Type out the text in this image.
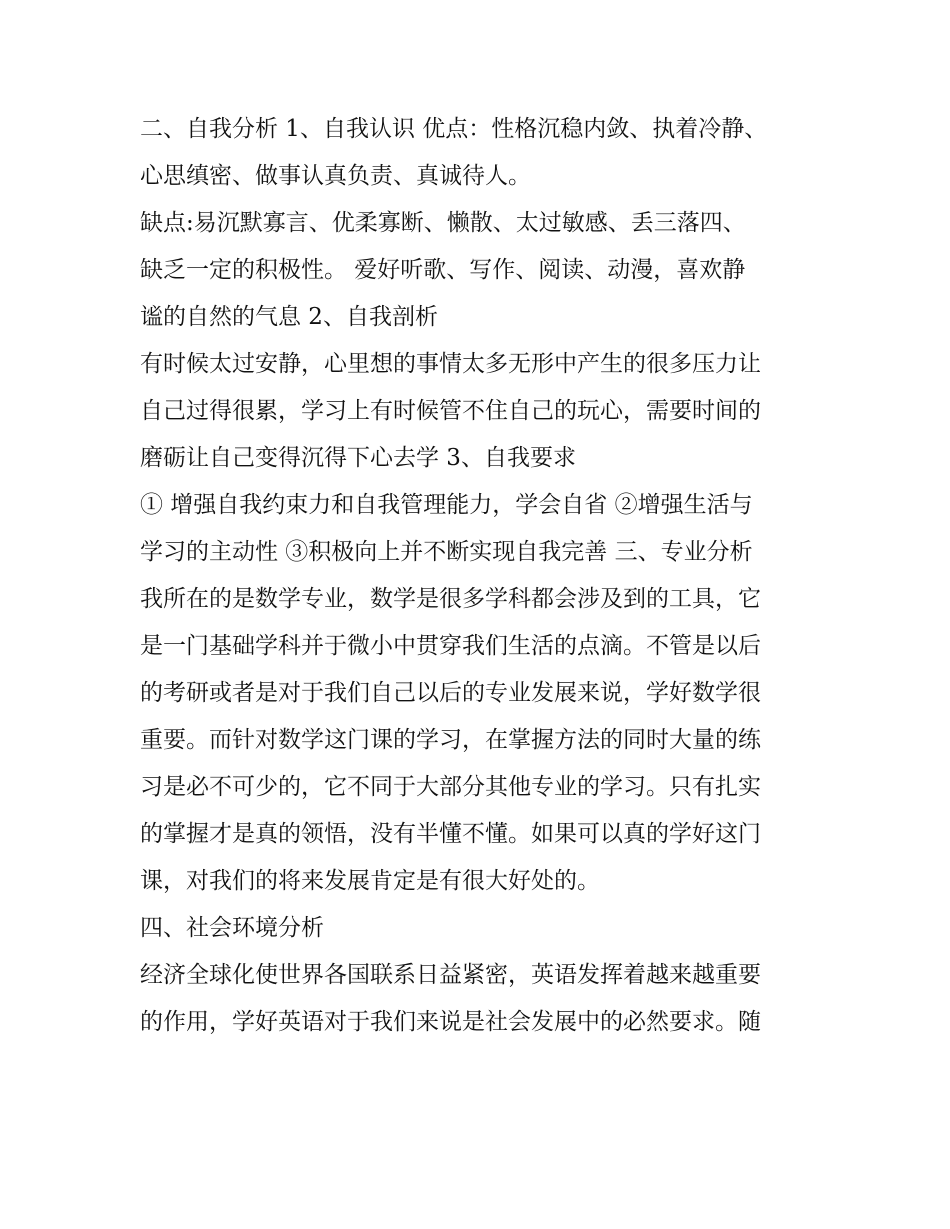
二、自我分析 1、自我认识 优点：性格沉稳内敛、执着冷静、
心思缜密、做事认真负责、真诚待人。
缺点:易沉默寡言、优柔寡断、懒散、太过敏感、丢三落四、
缺乏一定的积极性。 爱好听歌、写作、阅读、动漫，喜欢静
谧的自然的气息 2、自我剖析
有时候太过安静，心里想的事情太多无形中产生的很多压力让
自己过得很累，学习上有时候管不住自己的玩心，需要时间的
磨砺让自己变得沉得下心去学 3、自我要求
① 增强自我约束力和自我管理能力，学会自省 ②增强生活与
学习的主动性 ③积极向上并不断实现自我完善 三、专业分析
我所在的是数学专业，数学是很多学科都会涉及到的工具，它
是一门基础学科并于微小中贯穿我们生活的点滴。不管是以后
的考研或者是对于我们自己以后的专业发展来说，学好数学很
重要。而针对数学这门课的学习，在掌握方法的同时大量的练
习是必不可少的，它不同于大部分其他专业的学习。只有扎实
的掌握才是真的领悟，没有半懂不懂。如果可以真的学好这门
课，对我们的将来发展肯定是有很大好处的。
四、社会环境分析
经济全球化使世界各国联系日益紧密，英语发挥着越来越重要
的作用，学好英语对于我们来说是社会发展中的必然要求。随
